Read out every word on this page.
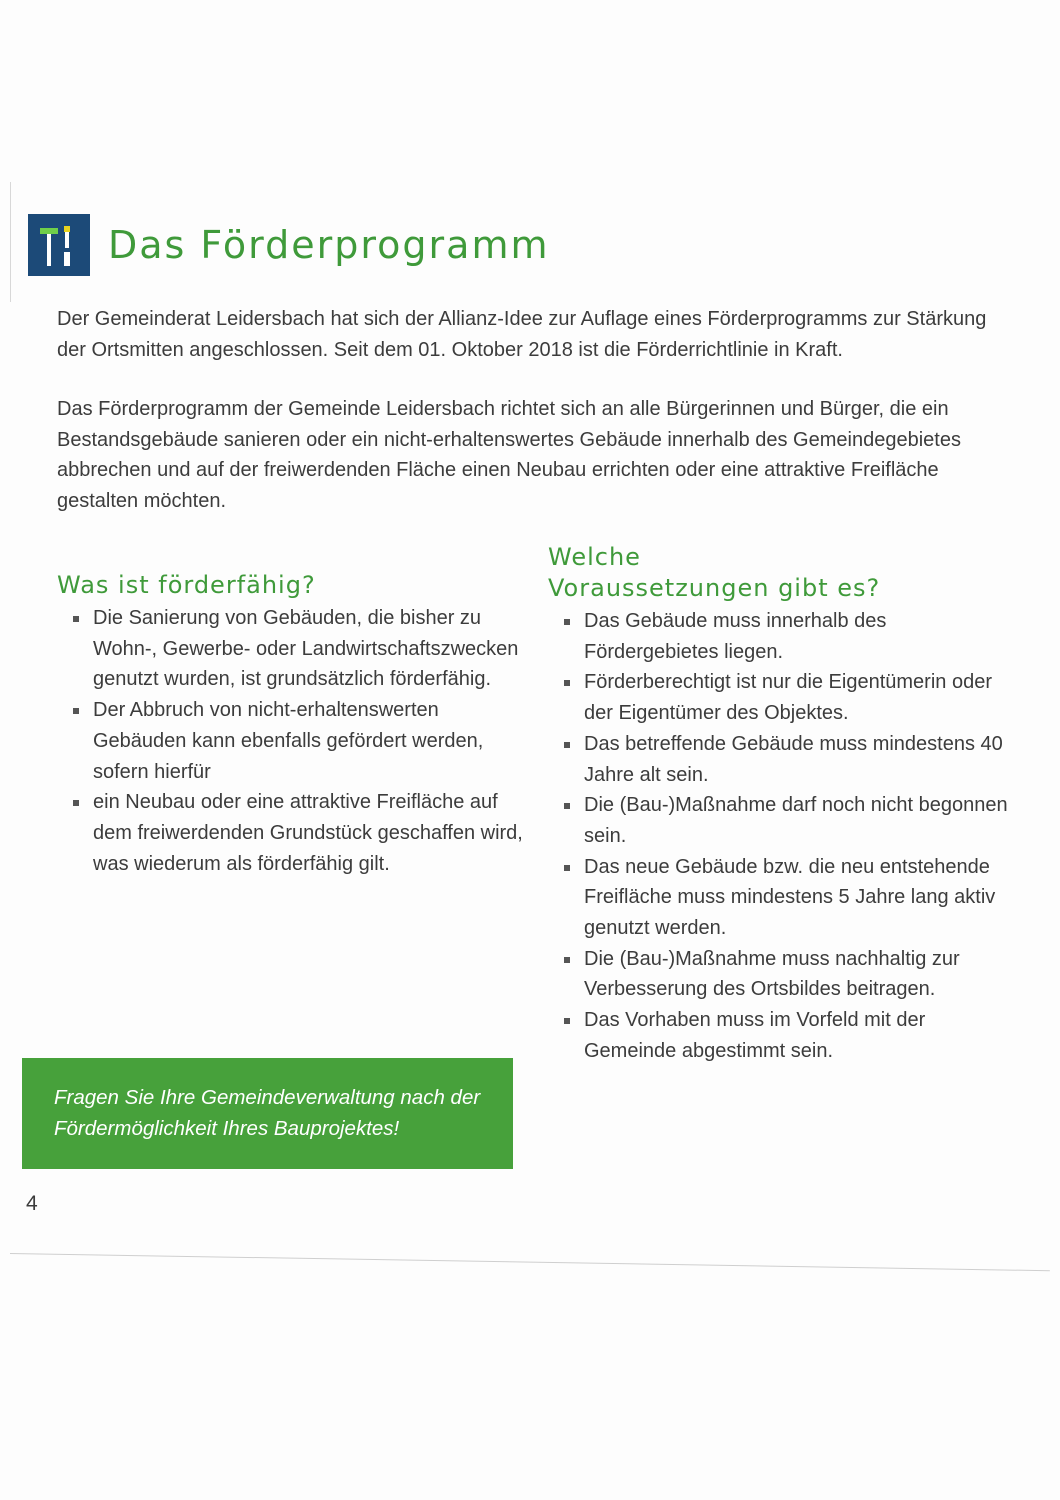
Das Förderprogramm

Der Gemeinderat Leidersbach hat sich der Allianz-Idee zur Auflage eines Förderprogramms zur Stärkung der Ortsmitten angeschlossen. Seit dem 01. Oktober 2018 ist die Förderrichtlinie in Kraft.

Das Förderprogramm der Gemeinde Leidersbach richtet sich an alle Bürgerinnen und Bürger, die ein Bestandsgebäude sanieren oder ein nicht-erhaltenswertes Gebäude innerhalb des Gemeindegebietes abbrechen und auf der freiwerdenden Fläche einen Neubau errichten oder eine attraktive Freifläche gestalten möchten.

Was ist förderfähig?
Die Sanierung von Gebäuden, die bisher zu Wohn-, Gewerbe- oder Landwirtschaftszwecken genutzt wurden, ist grundsätzlich förderfähig.
Der Abbruch von nicht-erhaltenswerten Gebäuden kann ebenfalls gefördert werden, sofern hierfür
ein Neubau oder eine attraktive Freifläche auf dem freiwerdenden Grundstück geschaffen wird, was wiederum als förderfähig gilt.
Welche
Voraussetzungen gibt es?
Das Gebäude muss innerhalb des Fördergebietes liegen.
Förderberechtigt ist nur die Eigentümerin oder der Eigentümer des Objektes.
Das betreffende Gebäude muss mindestens 40 Jahre alt sein.
Die (Bau-)Maßnahme darf noch nicht begonnen sein.
Das neue Gebäude bzw. die neu entstehende Freifläche muss mindestens 5 Jahre lang aktiv genutzt werden.
Die (Bau-)Maßnahme muss nachhaltig zur Verbesserung des Ortsbildes beitragen.
Das Vorhaben muss im Vorfeld mit der Gemeinde abgestimmt sein.
Fragen Sie Ihre Gemeindeverwaltung nach der
Fördermöglichkeit Ihres Bauprojektes!
4
